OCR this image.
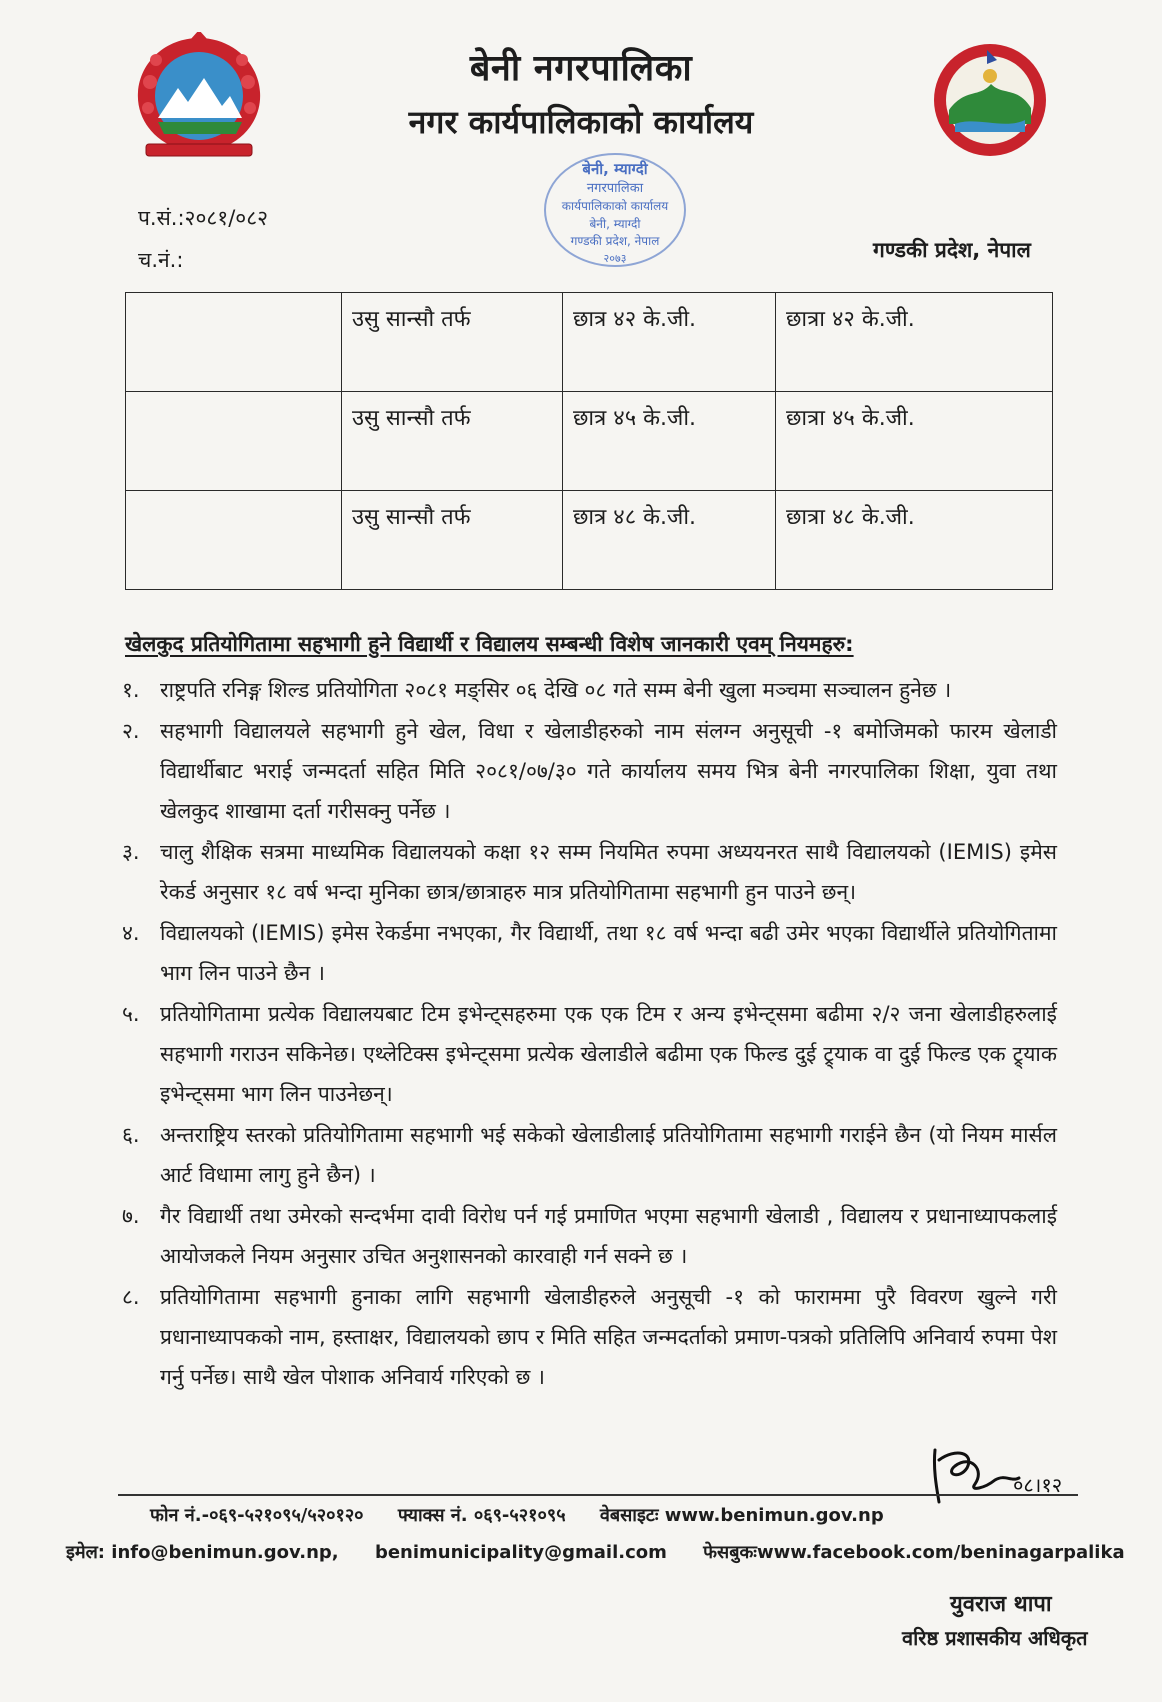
बेनी नगरपालिका
नगर कार्यपालिकाको कार्यालय
बेनी, म्याग्दी
नगरपालिका
कार्यपालिकाको कार्यालय
बेनी, म्याग्दी
गण्डकी प्रदेश, नेपाल
२०७३
प.सं.:२०८१/०८२
च.नं.:	गण्डकी प्रदेश, नेपाल
	उसु सान्सौ तर्फ	छात्र ४२ के.जी.	छात्रा ४२ के.जी.
	उसु सान्सौ तर्फ	छात्र ४५ के.जी.	छात्रा ४५ के.जी.
	उसु सान्सौ तर्फ	छात्र ४८ के.जी.	छात्रा ४८ के.जी.
खेलकुद प्रतियोगितामा सहभागी हुने विद्यार्थी र विद्यालय सम्बन्धी विशेष जानकारी एवम् नियमहरु:
१. राष्ट्रपति रनिङ्ग शिल्ड प्रतियोगिता २०८१ मङ्सिर ०६ देखि ०८ गते सम्म बेनी खुला मञ्चमा सञ्चालन हुनेछ ।
२. सहभागी विद्यालयले सहभागी हुने खेल, विधा र खेलाडीहरुको नाम संलग्न अनुसूची -१ बमोजिमको फारम खेलाडी विद्यार्थीबाट भराई जन्मदर्ता सहित मिति २०८१/०७/३० गते कार्यालय समय भित्र बेनी नगरपालिका शिक्षा, युवा तथा खेलकुद शाखामा दर्ता गरीसक्नु पर्नेछ ।
३. चालु शैक्षिक सत्रमा माध्यमिक विद्यालयको कक्षा १२ सम्म नियमित रुपमा अध्ययनरत साथै विद्यालयको (IEMIS) इमेस रेकर्ड अनुसार १८ वर्ष भन्दा मुनिका छात्र/छात्राहरु मात्र प्रतियोगितामा सहभागी हुन पाउने छन्।
४. विद्यालयको (IEMIS) इमेस रेकर्डमा नभएका, गैर विद्यार्थी, तथा १८ वर्ष भन्दा बढी उमेर भएका विद्यार्थीले प्रतियोगितामा भाग लिन पाउने छैन ।
५. प्रतियोगितामा प्रत्येक विद्यालयबाट टिम इभेन्ट्सहरुमा एक एक टिम र अन्य इभेन्ट्समा बढीमा २/२ जना खेलाडीहरुलाई सहभागी गराउन सकिनेछ। एथ्लेटिक्स इभेन्ट्समा प्रत्येक खेलाडीले बढीमा एक फिल्ड दुई ट्र्याक वा दुई फिल्ड एक ट्र्याक इभेन्ट्समा भाग लिन पाउनेछन्।
६. अन्तराष्ट्रिय स्तरको प्रतियोगितामा सहभागी भई सकेको खेलाडीलाई प्रतियोगितामा सहभागी गराईने छैन (यो नियम मार्सल आर्ट विधामा लागु हुने छैन) ।
७. गैर विद्यार्थी तथा उमेरको सन्दर्भमा दावी विरोध पर्न गई प्रमाणित भएमा सहभागी खेलाडी , विद्यालय र प्रधानाध्यापकलाई आयोजकले नियम अनुसार उचित अनुशासनको कारवाही गर्न सक्ने छ ।
८. प्रतियोगितामा सहभागी हुनाका लागि सहभागी खेलाडीहरुले अनुसूची -१ को फाराममा पुरै विवरण खुल्ने गरी प्रधानाध्यापकको नाम, हस्ताक्षर, विद्यालयको छाप र मिति सहित जन्मदर्ताको प्रमाण-पत्रको प्रतिलिपि अनिवार्य रुपमा पेश गर्नु पर्नेछ। साथै खेल पोशाक अनिवार्य गरिएको छ ।
०८।१२
फोन नं.-०६९-५२१०९५/५२०१२० फ्याक्स नं. ०६९-५२१०९५ वेबसाइटः www.benimun.gov.np
इमेल: info@benimun.gov.np, benimunicipality@gmail.com फेसबुकःwww.facebook.com/beninagarpalika
युवराज थापा
वरिष्ठ प्रशासकीय अधिकृत
